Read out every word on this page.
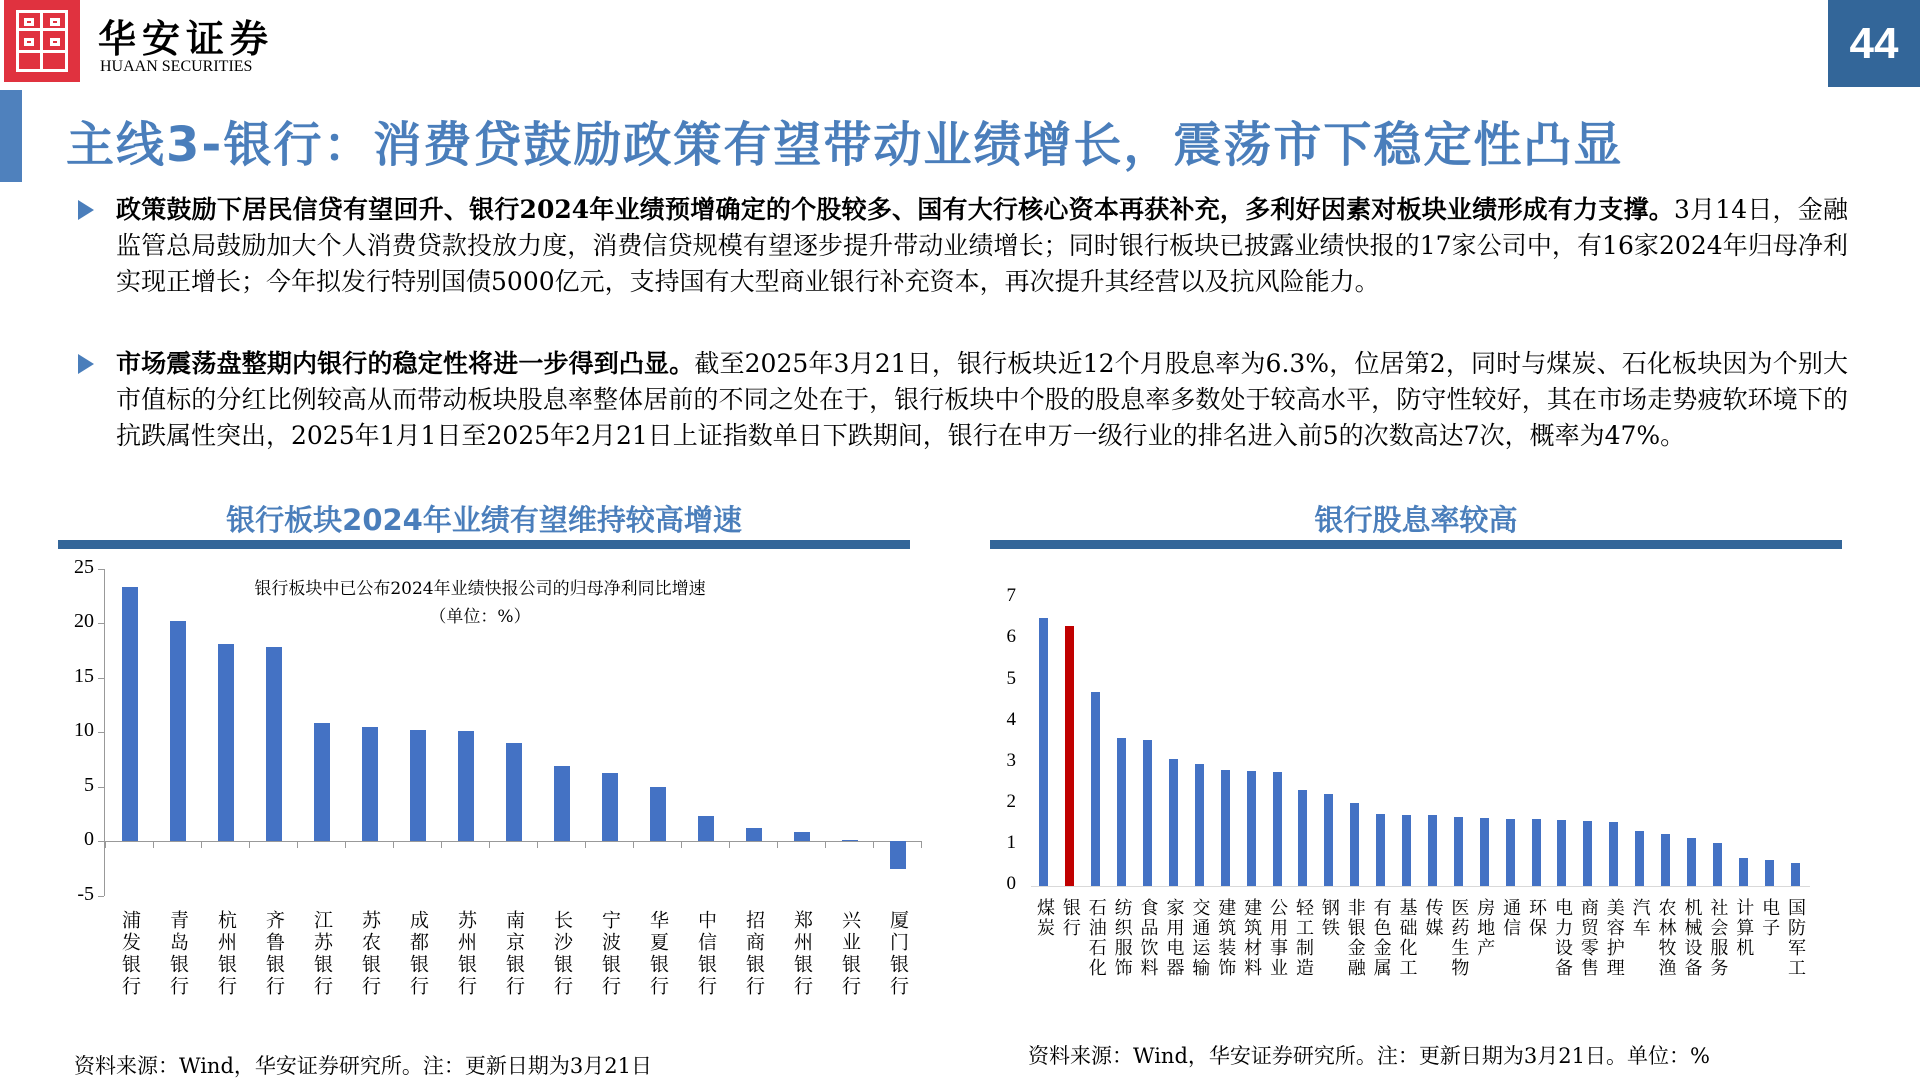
华安证券
HUAAN SECURITIES	44
主线3-银行：消费贷鼓励政策有望带动业绩增长，震荡市下稳定性凸显
政策鼓励下居民信贷有望回升、银行2024年业绩预增确定的个股较多、国有大行核心资本再获补充，多利好因素对板块业绩形成有力支撑。3月14日，金融监管总局鼓励加大个人消费贷款投放力度，消费信贷规模有望逐步提升带动业绩增长；同时银行板块已披露业绩快报的17家公司中，有16家2024年归母净利实现正增长；今年拟发行特别国债5000亿元，支持国有大型商业银行补充资本，再次提升其经营以及抗风险能力。
市场震荡盘整期内银行的稳定性将进一步得到凸显。截至2025年3月21日，银行板块近12个月股息率为6.3%，位居第2，同时与煤炭、石化板块因为个别大市值标的分红比例较高从而带动板块股息率整体居前的不同之处在于，银行板块中个股的股息率多数处于较高水平，防守性较好，其在市场走势疲软环境下的抗跌属性突出，2025年1月1日至2025年2月21日上证指数单日下跌期间，银行在申万一级行业的排名进入前5的次数高达7次，概率为47%。
银行板块2024年业绩有望维持较高增速
银行板块中已公布2024年业绩快报公司的归母净利同比增速
（单位：%）
-5
0
5
10
15
20
25
浦发银行 青岛银行 杭州银行 齐鲁银行 江苏银行 苏农银行 成都银行 苏州银行 南京银行 长沙银行 宁波银行 华夏银行 中信银行 招商银行 郑州银行 兴业银行 厦门银行
资料来源：Wind，华安证券研究所。注：更新日期为3月21日
银行股息率较高
0
1
2
3
4
5
6
7
煤炭 银行 石油石化 纺织服饰 食品饮料 家用电器 交通运输 建筑装饰 建筑材料 公用事业 轻工制造 钢铁 非银金融 有色金属 基础化工 传媒 医药生物 房地产 通信 环保 电力设备 商贸零售 美容护理 汽车 农林牧渔 机械设备 社会服务 计算机 电子 国防军工
资料来源：Wind，华安证券研究所。注：更新日期为3月21日。单位：%
